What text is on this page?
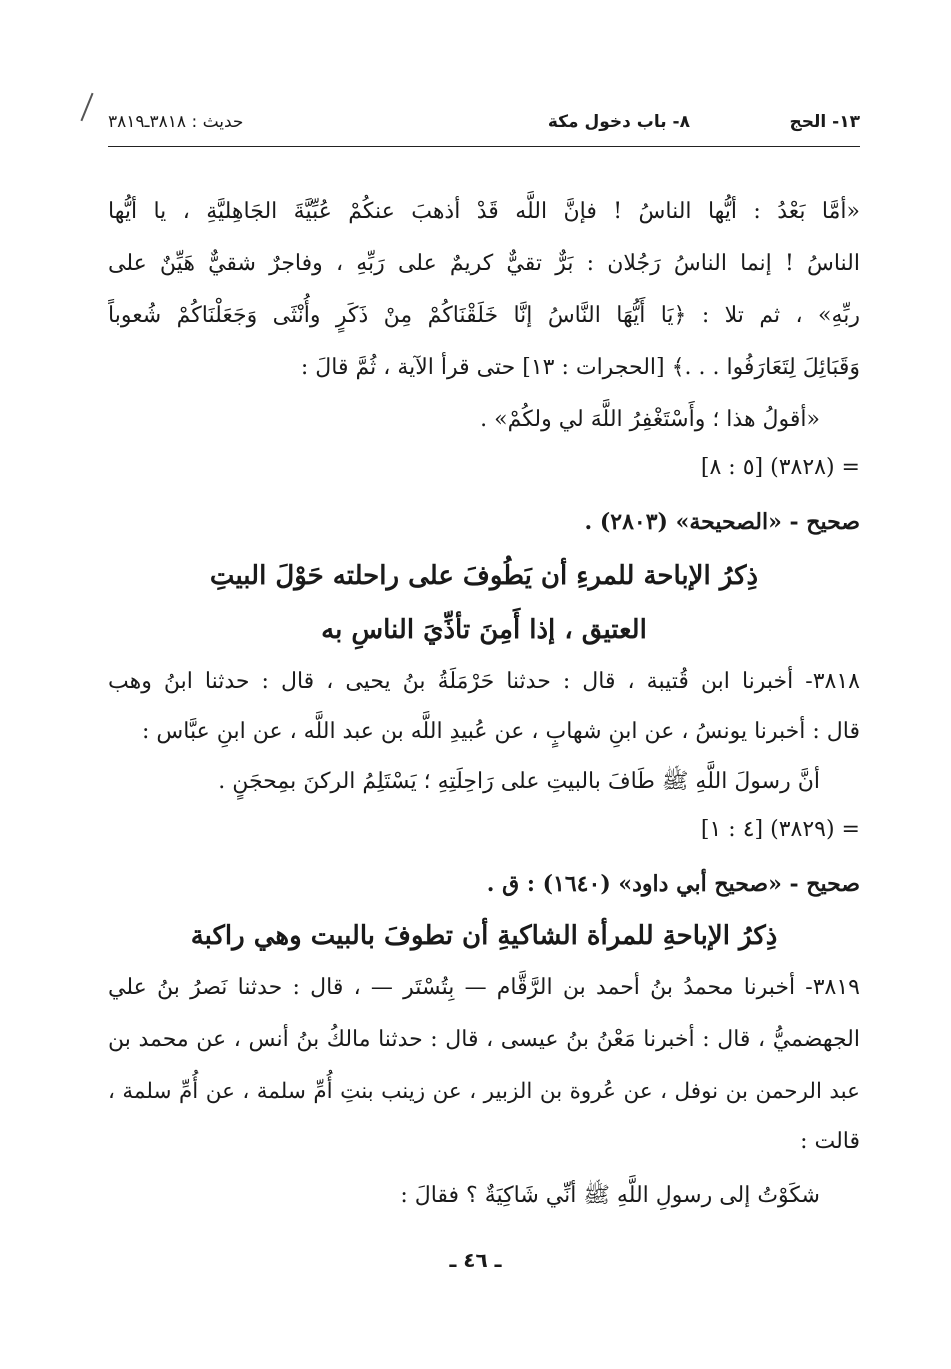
١٣- الحج
٨- باب دخول مكة
حديث : ٣٨١٨ـ٣٨١٩
«أمَّا بَعْدُ : أيُّها الناسُ ! فإنَّ اللَّه قَدْ أذهبَ عنكُمْ عُبِّيَّةَ الجَاهِليَّةِ ، يا أيُّها
الناسُ ! إنما الناسُ رَجُلان : بَرٌّ تقيٌّ كريمٌ على رَبِّهِ ، وفاجرٌ شقيٌّ هَيِّنٌ على
ربِّهِ» ، ثم تلا : ﴿يَا أَيُّهَا النَّاسُ إنَّا خَلَقْنَاكُمْ مِنْ ذَكَرٍ وأُنْثَى وَجَعَلْنَاكُمْ شُعوباً
وَقَبَائِلَ لِتَعَارَفُوا . . .﴾ [الحجرات : ١٣] حتى قرأ الآية ، ثُمَّ قالَ :
«أقولُ هذا ؛ وأَسْتَغْفِرُ اللَّهَ لي ولكُمْ» .
= (٣٨٢٨) [٥ : ٨]
صحيح - «الصحيحة» (٢٨٠٣) .
ذِكرُ الإباحة للمرءِ أن يَطُوفَ على راحلته حَوْلَ البيتِ
العتيق ، إذا أَمِنَ تأذِّيَ الناسِ به
٣٨١٨- أخبرنا ابن قُتيبة ، قال : حدثنا حَرْمَلَةُ بنُ يحيى ، قال : حدثنا ابنُ وهب
قال : أخبرنا يونسُ ، عن ابنِ شهابٍ ، عن عُبيدِ اللَّه بن عبد اللَّه ، عن ابنِ عبَّاس :
أنَّ رسولَ اللَّهِ ﷺ طَافَ بالبيتِ على رَاحِلَتِهِ ؛ يَسْتَلِمُ الركنَ بمِحجَنٍ .
= (٣٨٢٩) [٤ : ١]
صحيح - «صحيح أبي داود» (١٦٤٠) : ق .
ذِكرُ الإباحةِ للمرأة الشاكيةِ أن تطوفَ بالبيت وهي راكبة
٣٨١٩- أخبرنا محمدُ بنُ أحمد بن الرَّقَّام — بِتُسْتَر — ، قال : حدثنا نَصرُ بنُ علي
الجهضميُّ ، قال : أخبرنا مَعْنُ بنُ عيسى ، قال : حدثنا مالكُ بنُ أنس ، عن محمد بن
عبد الرحمن بن نوفل ، عن عُروة بن الزبير ، عن زينب بنتِ أُمِّ سلمة ، عن أُمِّ سلمة ،
قالت :
شكَوْتُ إلى رسولِ اللَّهِ ﷺ أنِّي شَاكِيَةٌ ؟ فقالَ :
ـ ٤٦ ـ
